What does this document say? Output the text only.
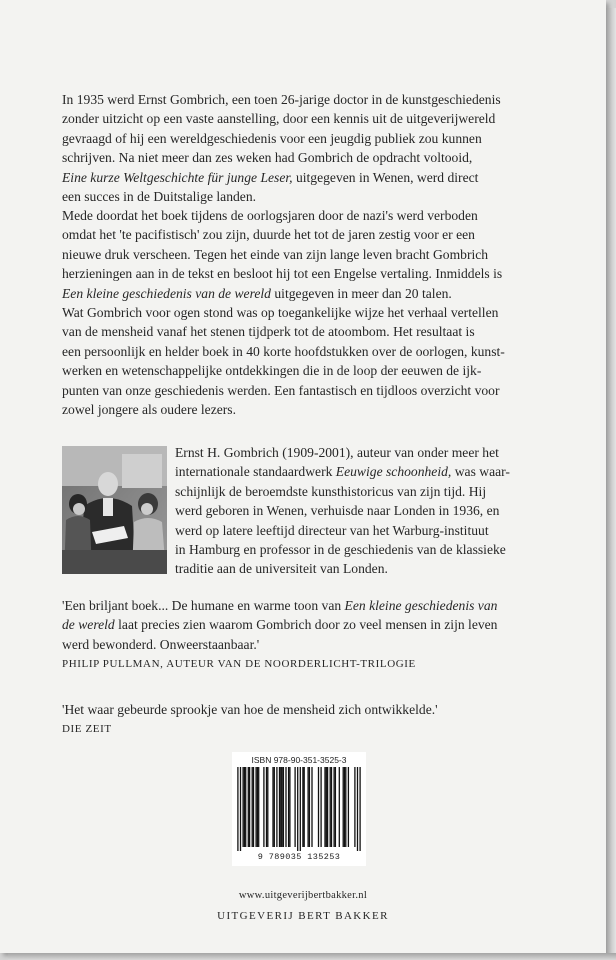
In 1935 werd Ernst Gombrich, een toen 26-jarige doctor in de kunstgeschiedenis
zonder uitzicht op een vaste aanstelling, door een kennis uit de uitgeverijwereld
gevraagd of hij een wereldgeschiedenis voor een jeugdig publiek zou kunnen
schrijven. Na niet meer dan zes weken had Gombrich de opdracht voltooid,
Eine kurze Weltgeschichte für junge Leser, uitgegeven in Wenen, werd direct
een succes in de Duitstalige landen.
Mede doordat het boek tijdens de oorlogsjaren door de nazi's werd verboden
omdat het 'te pacifistisch' zou zijn, duurde het tot de jaren zestig voor er een
nieuwe druk verscheen. Tegen het einde van zijn lange leven bracht Gombrich
herzieningen aan in de tekst en besloot hij tot een Engelse vertaling. Inmiddels is
Een kleine geschiedenis van de wereld uitgegeven in meer dan 20 talen.
Wat Gombrich voor ogen stond was op toegankelijke wijze het verhaal vertellen
van de mensheid vanaf het stenen tijdperk tot de atoombom. Het resultaat is
een persoonlijk en helder boek in 40 korte hoofdstukken over de oorlogen, kunst-
werken en wetenschappelijke ontdekkingen die in de loop der eeuwen de ijk-
punten van onze geschiedenis werden. Een fantastisch en tijdloos overzicht voor
zowel jongere als oudere lezers.
Ernst H. Gombrich (1909-2001), auteur van onder meer het
internationale standaardwerk Eeuwige schoonheid, was waar-
schijnlijk de beroemdste kunsthistoricus van zijn tijd. Hij
werd geboren in Wenen, verhuisde naar Londen in 1936, en
werd op latere leeftijd directeur van het Warburg-instituut
in Hamburg en professor in de geschiedenis van de klassieke
traditie aan de universiteit van Londen.
'Een briljant boek... De humane en warme toon van Een kleine geschiedenis van
de wereld laat precies zien waarom Gombrich door zo veel mensen in zijn leven
werd bewonderd. Onweerstaanbaar.'
PHILIP PULLMAN, AUTEUR VAN DE NOORDERLICHT-TRILOGIE
'Het waar gebeurde sprookje van hoe de mensheid zich ontwikkelde.'
DIE ZEIT
ISBN 978-90-351-3525-3
9 789035 135253
www.uitgeverijbertbakker.nl
UITGEVERIJ BERT BAKKER
